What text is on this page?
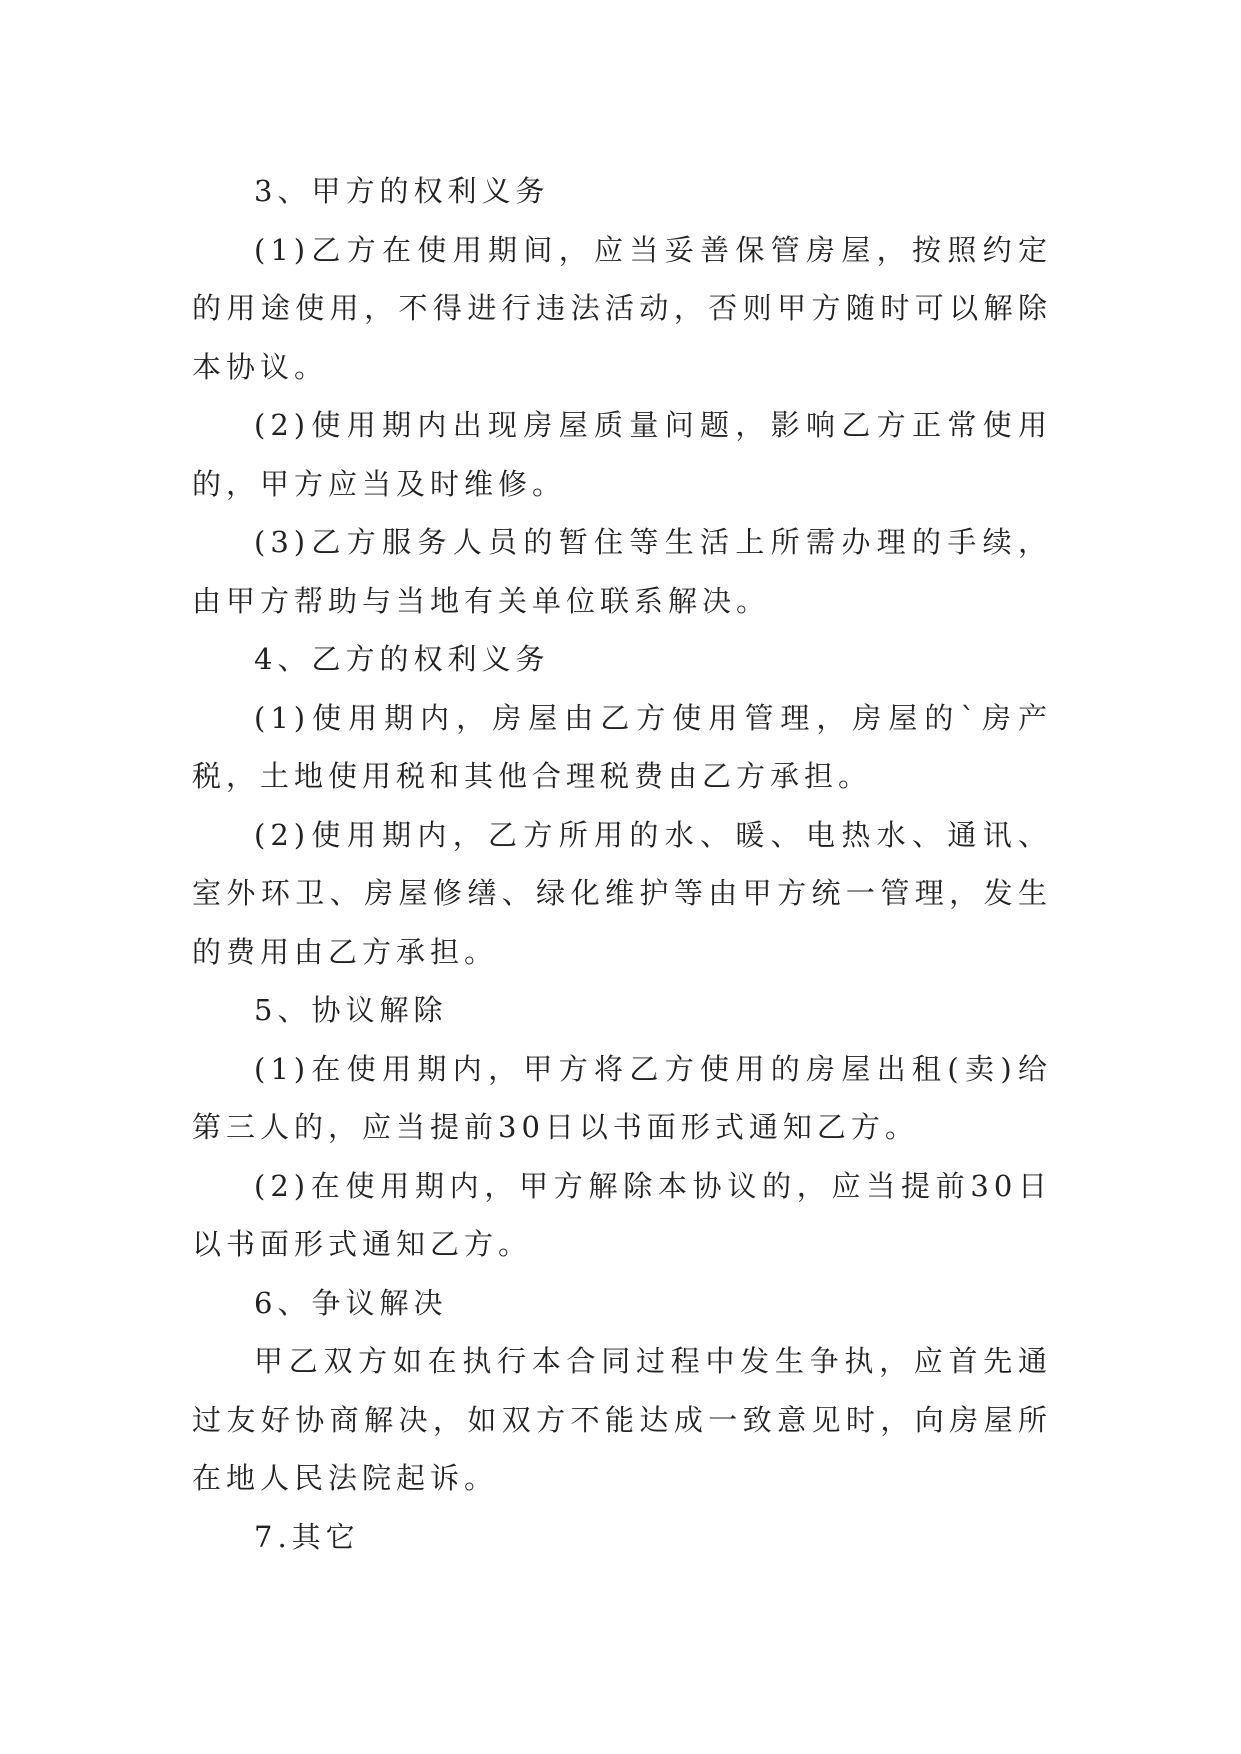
3、甲方的权利义务

(1)乙方在使用期间，应当妥善保管房屋，按照约定的用途使用，不得进行违法活动，否则甲方随时可以解除本协议。

(2)使用期内出现房屋质量问题，影响乙方正常使用的，甲方应当及时维修。

(3)乙方服务人员的暂住等生活上所需办理的手续，由甲方帮助与当地有关单位联系解决。

4、乙方的权利义务

(1)使用期内，房屋由乙方使用管理，房屋的`房产税，土地使用税和其他合理税费由乙方承担。

(2)使用期内，乙方所用的水、暖、电热水、通讯、室外环卫、房屋修缮、绿化维护等由甲方统一管理，发生的费用由乙方承担。

5、协议解除

(1)在使用期内，甲方将乙方使用的房屋出租(卖)给第三人的，应当提前30日以书面形式通知乙方。

(2)在使用期内，甲方解除本协议的，应当提前30日以书面形式通知乙方。

6、争议解决

甲乙双方如在执行本合同过程中发生争执，应首先通过友好协商解决，如双方不能达成一致意见时，向房屋所在地人民法院起诉。

7.其它
